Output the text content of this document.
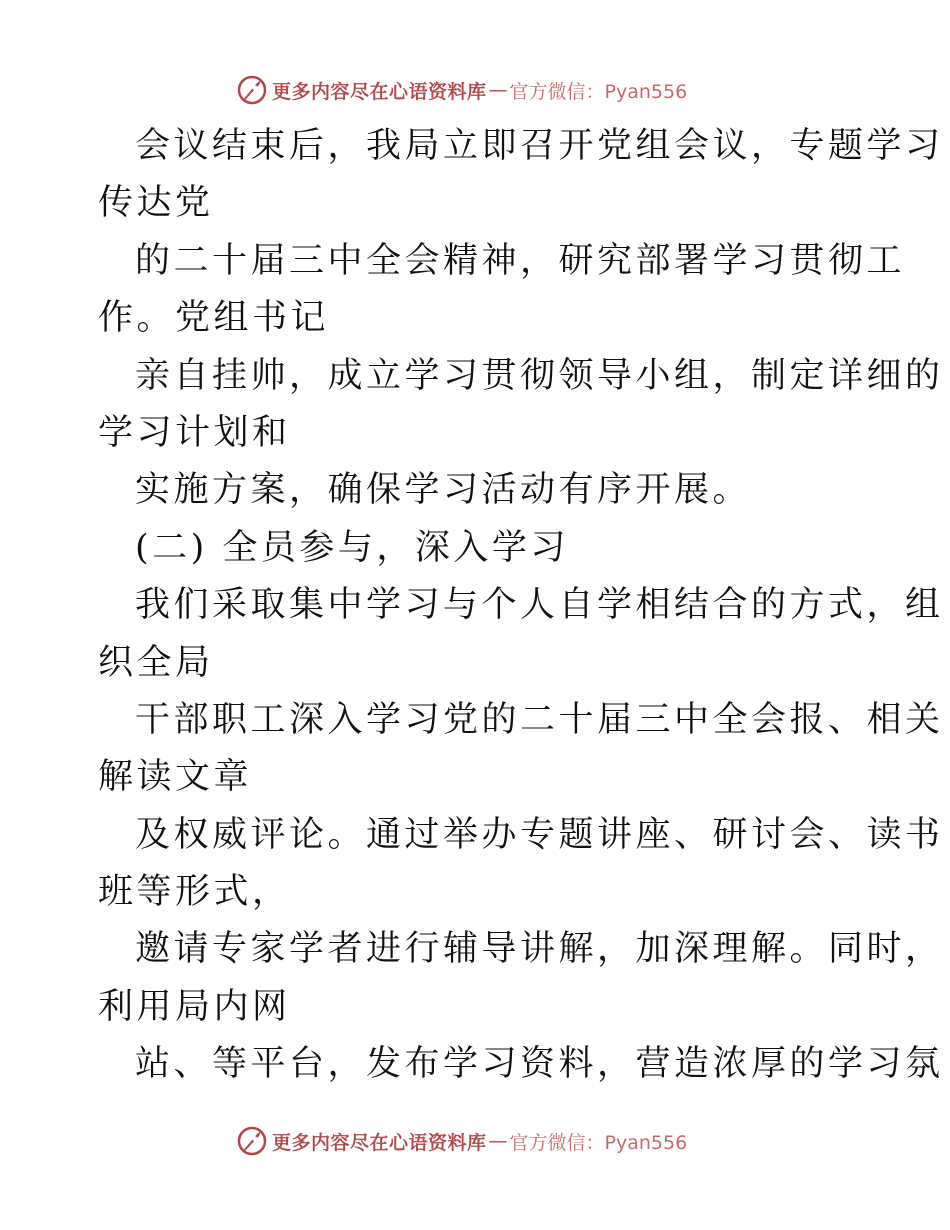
更多内容尽在心语资料库 — 官方微信：Pyan556
会议结束后，我局立即召开党组会议，专题学习
传达党
的二十届三中全会精神，研究部署学习贯彻工
作。党组书记
亲自挂帅，成立学习贯彻领导小组，制定详细的
学习计划和
实施方案，确保学习活动有序开展。
(二) 全员参与，深入学习
我们采取集中学习与个人自学相结合的方式，组
织全局
干部职工深入学习党的二十届三中全会报、相关
解读文章
及权威评论。通过举办专题讲座、研讨会、读书
班等形式，
邀请专家学者进行辅导讲解，加深理解。同时，
利用局内网
站、等平台，发布学习资料，营造浓厚的学习氛
更多内容尽在心语资料库 — 官方微信：Pyan556
